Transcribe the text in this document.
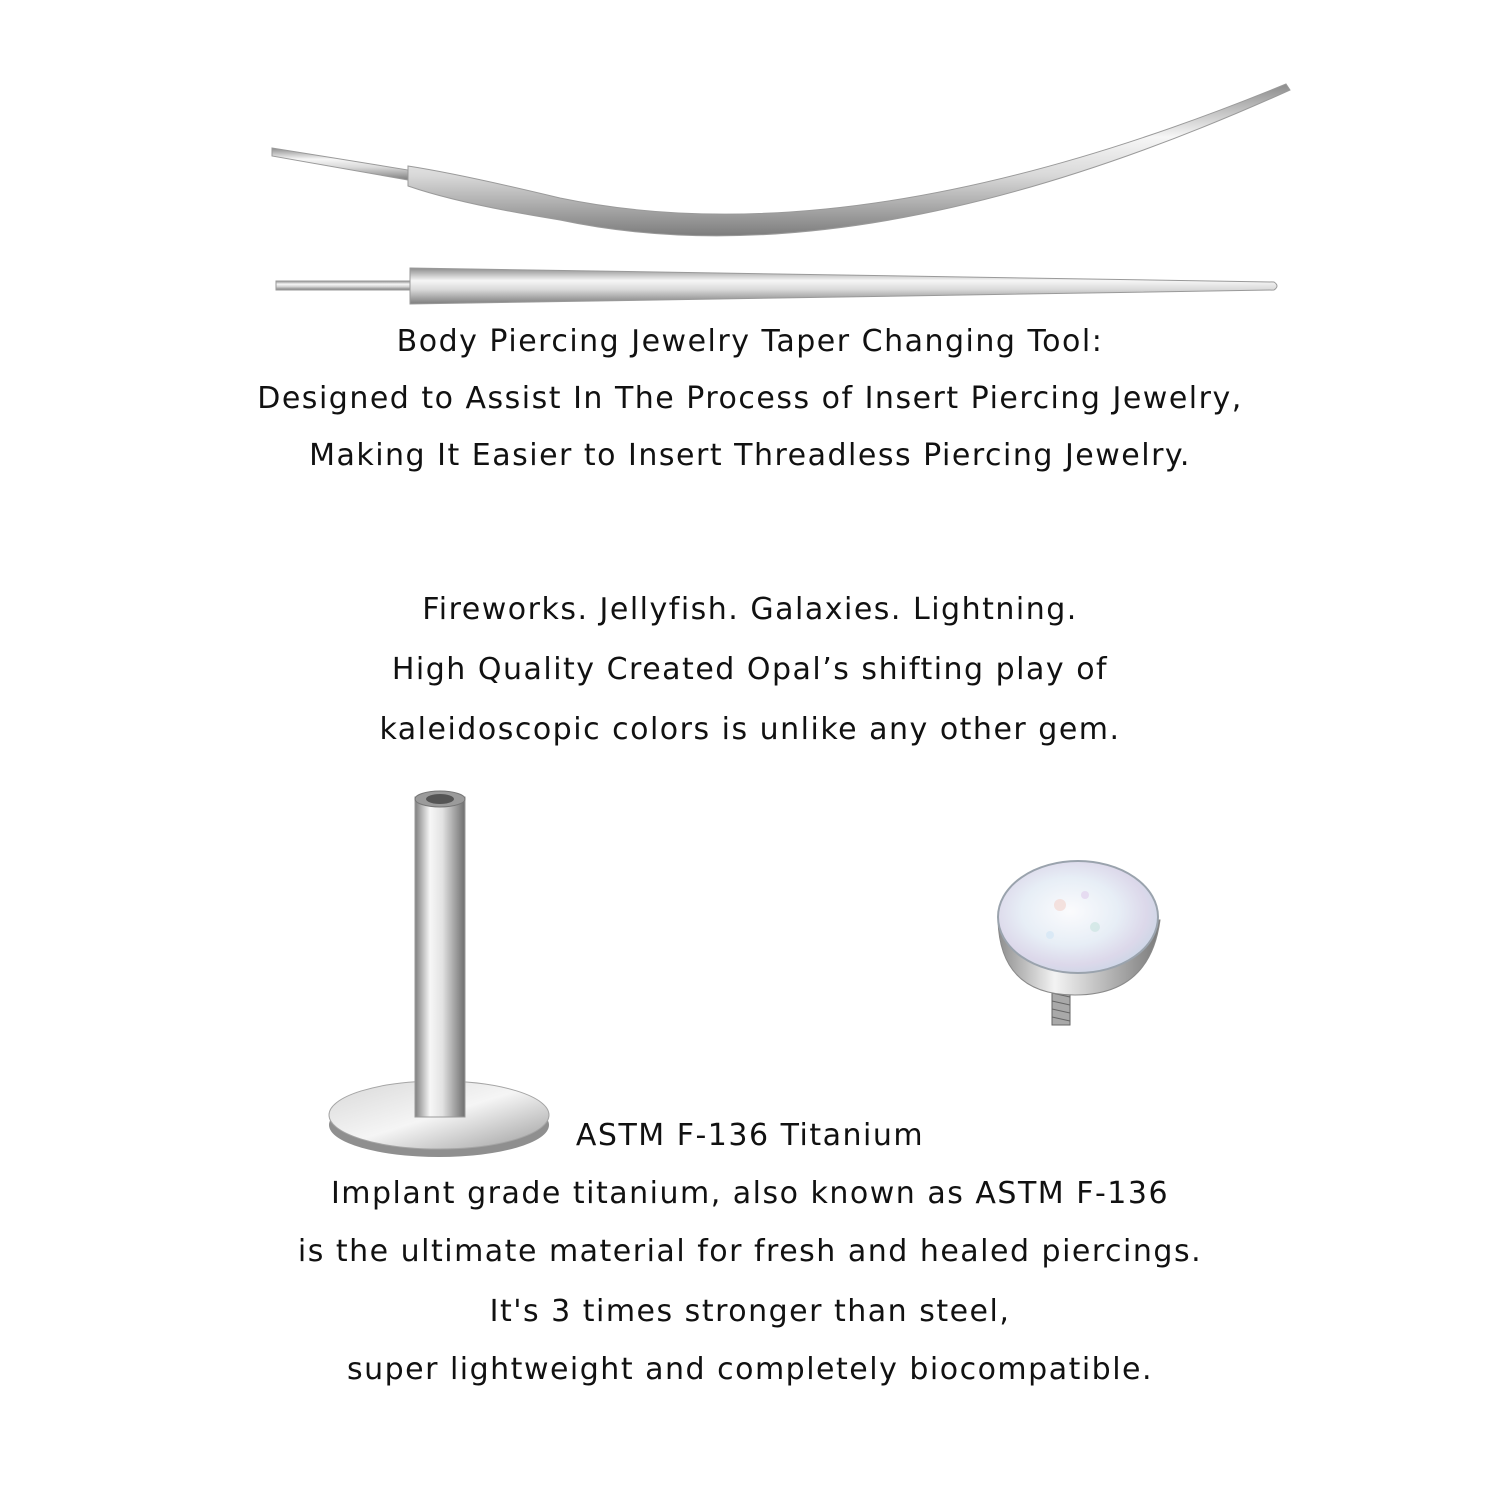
Body Piercing Jewelry Taper Changing Tool:

Designed to Assist In The Process of Insert Piercing Jewelry,

Making It Easier to Insert Threadless Piercing Jewelry.

Fireworks. Jellyfish. Galaxies. Lightning.

High Quality Created Opal’s shifting play of

kaleidoscopic colors is unlike any other gem.

ASTM F-136 Titanium

Implant grade titanium, also known as ASTM F-136

is the ultimate material for fresh and healed piercings.

It's 3 times stronger than steel,

super lightweight and completely biocompatible.
